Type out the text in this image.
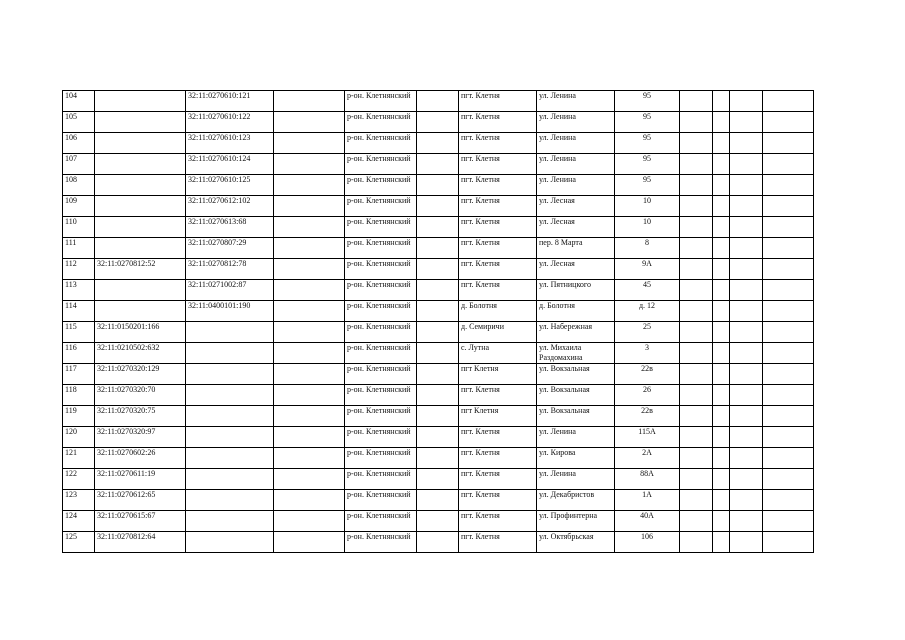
104		32:11:0270610:121		р-он. Клетнянский		пгт. Клетня	ул. Ленина	95				
105		32:11:0270610:122		р-он. Клетнянский		пгт. Клетня	ул. Ленина	95				
106		32:11:0270610:123		р-он. Клетнянский		пгт. Клетня	ул. Ленина	95				
107		32:11:0270610:124		р-он. Клетнянский		пгт. Клетня	ул. Ленина	95				
108		32:11:0270610:125		р-он. Клетнянский		пгт. Клетня	ул. Ленина	95				
109		32:11:0270612:102		р-он. Клетнянский		пгт. Клетня	ул. Лесная	10				
110		32:11:0270613:68		р-он. Клетнянский		пгт. Клетня	ул. Лесная	10				
111		32:11:0270807:29		р-он. Клетнянский		пгт. Клетня	пер. 8 Марта	8				
112	32:11:0270812:52	32:11:0270812:78		р-он. Клетнянский		пгт. Клетня	ул. Лесная	9А				
113		32:11:0271002:87		р-он. Клетнянский		пгт. Клетня	ул. Пятницкого	45				
114		32:11:0400101:190		р-он. Клетнянский		д. Болотня	д. Болотня	д. 12				
115	32:11:0150201:166			р-он. Клетнянский		д. Семиричи	ул. Набережная	25				
116	32:11:0210502:632			р-он. Клетнянский		с. Лутна	ул. Михаила Раздомахина	3				
117	32:11:0270320:129			р-он. Клетнянский		пгт Клетня	ул. Вокзальная	22в				
118	32:11:0270320:70			р-он. Клетнянский		пгт. Клетня	ул. Вокзальная	26				
119	32:11:0270320:75			р-он. Клетнянский		пгт Клетня	ул. Вокзальная	22в				
120	32:11:0270320:97			р-он. Клетнянский		пгт. Клетня	ул. Ленина	115А				
121	32:11:0270602:26			р-он. Клетнянский		пгт. Клетня	ул. Кирова	2А				
122	32:11:0270611:19			р-он. Клетнянский		пгт. Клетня	ул. Ленина	88А				
123	32:11:0270612:65			р-он. Клетнянский		пгт. Клетня	ул. Декабристов	1А				
124	32:11:0270615:67			р-он. Клетнянский		пгт. Клетня	ул. Профинтерна	40А				
125	32:11:0270812:64			р-он. Клетнянский		пгт. Клетня	ул. Октябрьская	106				
